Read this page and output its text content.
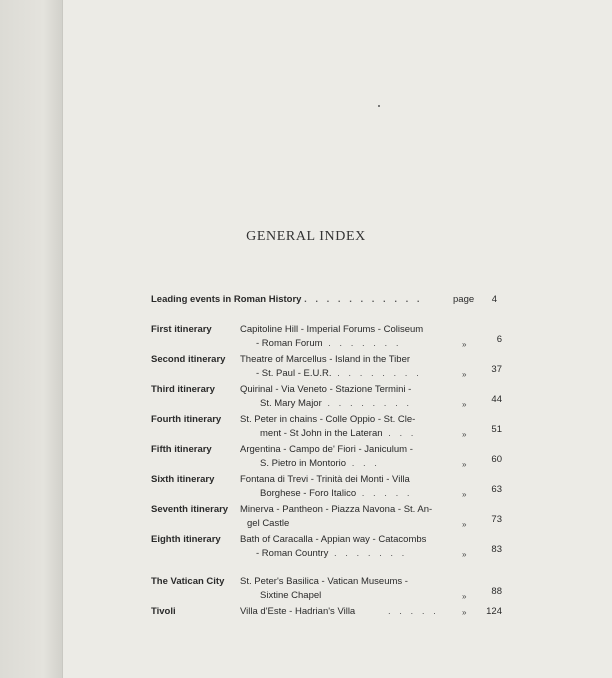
GENERAL INDEX
Leading events in Roman History . . . . . . . . . . .	page	4
First itinerary	Capitoline Hill - Imperial Forums - Coliseum
- Roman Forum . . . . . . .	»	6
Second itinerary Theatre of Marcellus - Island in the Tiber
- St. Paul - E.U.R. . . . . . . . .	»	37
Third itinerary	Quirinal - Via Veneto - Stazione Termini -
St. Mary Major . . . . . . . .	»	44
Fourth itinerary St. Peter in chains - Colle Oppio - St. Cle-
ment - St John in the Lateran . . .	»	51
Fifth itinerary	Argentina - Campo de' Fiori - Janiculum -
S. Pietro in Montorio . . .	»	60
Sixth itinerary	Fontana di Trevi - Trinità dei Monti - Villa
Borghese - Foro Italico . . . . .	»	63
Seventh itinerary Minerva - Pantheon - Piazza Navona - St. An-
gel Castle	»	73
Eighth itinerary Bath of Caracalla - Appian way - Catacombs
- Roman Country . . . . . . .	»	83
The Vatican City St. Peter's Basilica - Vatican Museums -
Sixtine Chapel	»	88
Tivoli	Villa d'Este - Hadrian's Villa	. . . . .	»	124
